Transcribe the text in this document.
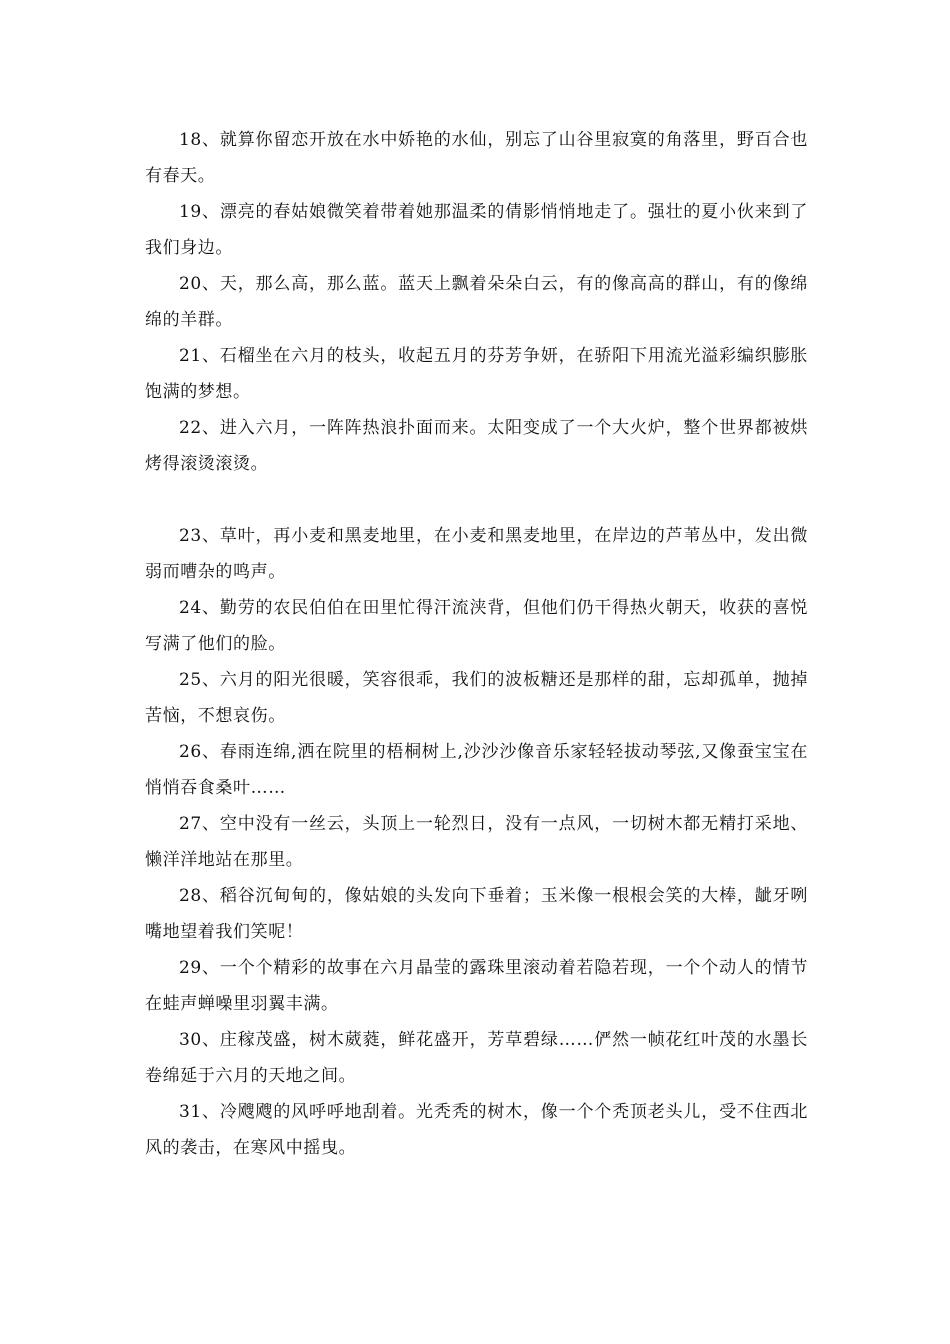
18、就算你留恋开放在水中娇艳的水仙，别忘了山谷里寂寞的角落里，野百合也有春天。

19、漂亮的春姑娘微笑着带着她那温柔的倩影悄悄地走了。强壮的夏小伙来到了我们身边。

20、天，那么高，那么蓝。蓝天上飘着朵朵白云，有的像高高的群山，有的像绵绵的羊群。

21、石榴坐在六月的枝头，收起五月的芬芳争妍，在骄阳下用流光溢彩编织膨胀饱满的梦想。

22、进入六月，一阵阵热浪扑面而来。太阳变成了一个大火炉，整个世界都被烘烤得滚烫滚烫。

23、草叶，再小麦和黑麦地里，在小麦和黑麦地里，在岸边的芦苇丛中，发出微弱而嘈杂的鸣声。

24、勤劳的农民伯伯在田里忙得汗流浃背，但他们仍干得热火朝天，收获的喜悦写满了他们的脸。

25、六月的阳光很暖，笑容很乖，我们的波板糖还是那样的甜，忘却孤单，抛掉苦恼，不想哀伤。

26、春雨连绵,洒在院里的梧桐树上,沙沙沙像音乐家轻轻拔动琴弦,又像蚕宝宝在悄悄吞食桑叶……

27、空中没有一丝云，头顶上一轮烈日，没有一点风，一切树木都无精打采地、懒洋洋地站在那里。

28、稻谷沉甸甸的，像姑娘的头发向下垂着；玉米像一根根会笑的大棒，龇牙咧嘴地望着我们笑呢！

29、一个个精彩的故事在六月晶莹的露珠里滚动着若隐若现，一个个动人的情节在蛙声蝉噪里羽翼丰满。

30、庄稼茂盛，树木葳蕤，鲜花盛开，芳草碧绿……俨然一帧花红叶茂的水墨长卷绵延于六月的天地之间。

31、冷飕飕的风呼呼地刮着。光秃秃的树木，像一个个秃顶老头儿，受不住西北风的袭击，在寒风中摇曳。
